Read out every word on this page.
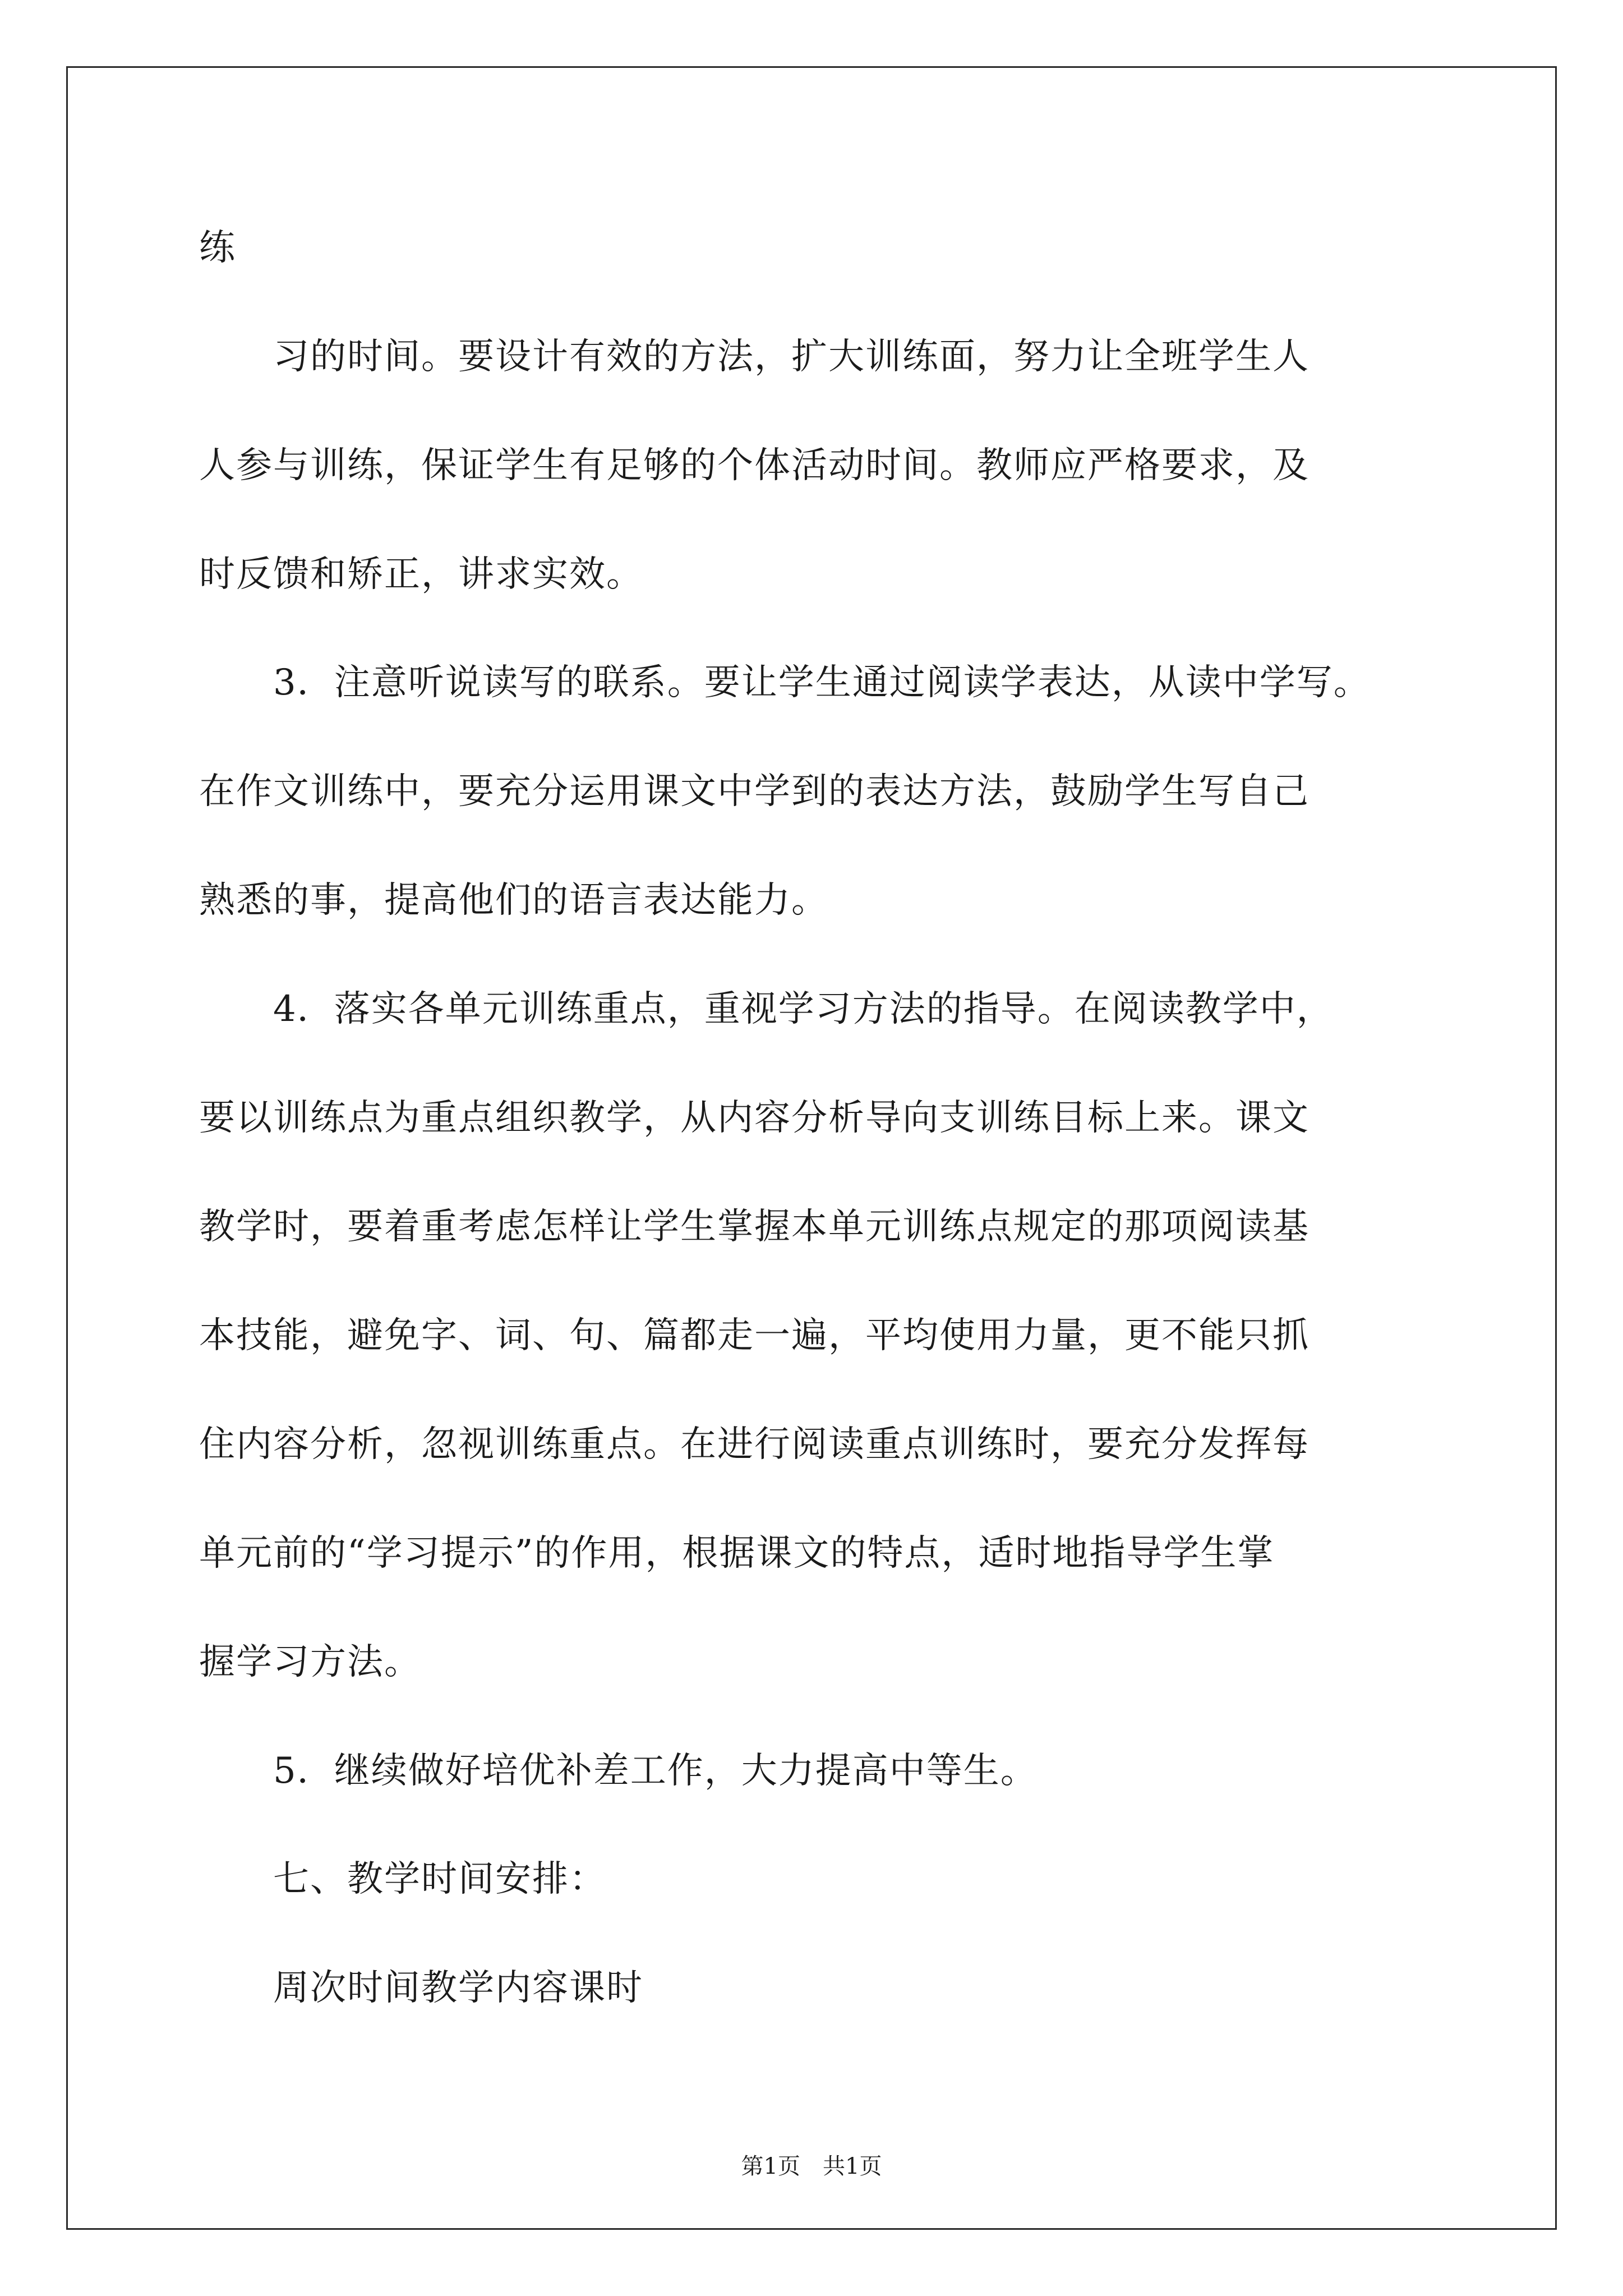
练
　　习的时间。要设计有效的方法，扩大训练面，努力让全班学生人
人参与训练，保证学生有足够的个体活动时间。教师应严格要求，及
时反馈和矫正，讲求实效。
　　3．注意听说读写的联系。要让学生通过阅读学表达，从读中学写。
在作文训练中，要充分运用课文中学到的表达方法，鼓励学生写自己
熟悉的事，提高他们的语言表达能力。
　　4．落实各单元训练重点，重视学习方法的指导。在阅读教学中，
要以训练点为重点组织教学，从内容分析导向支训练目标上来。课文
教学时，要着重考虑怎样让学生掌握本单元训练点规定的那项阅读基
本技能，避免字、词、句、篇都走一遍，平均使用力量，更不能只抓
住内容分析，忽视训练重点。在进行阅读重点训练时，要充分发挥每
单元前的“学习提示”的作用，根据课文的特点，适时地指导学生掌
握学习方法。
　　5．继续做好培优补差工作，大力提高中等生。
　　七、教学时间安排：
　　周次时间教学内容课时
第1页　共1页
